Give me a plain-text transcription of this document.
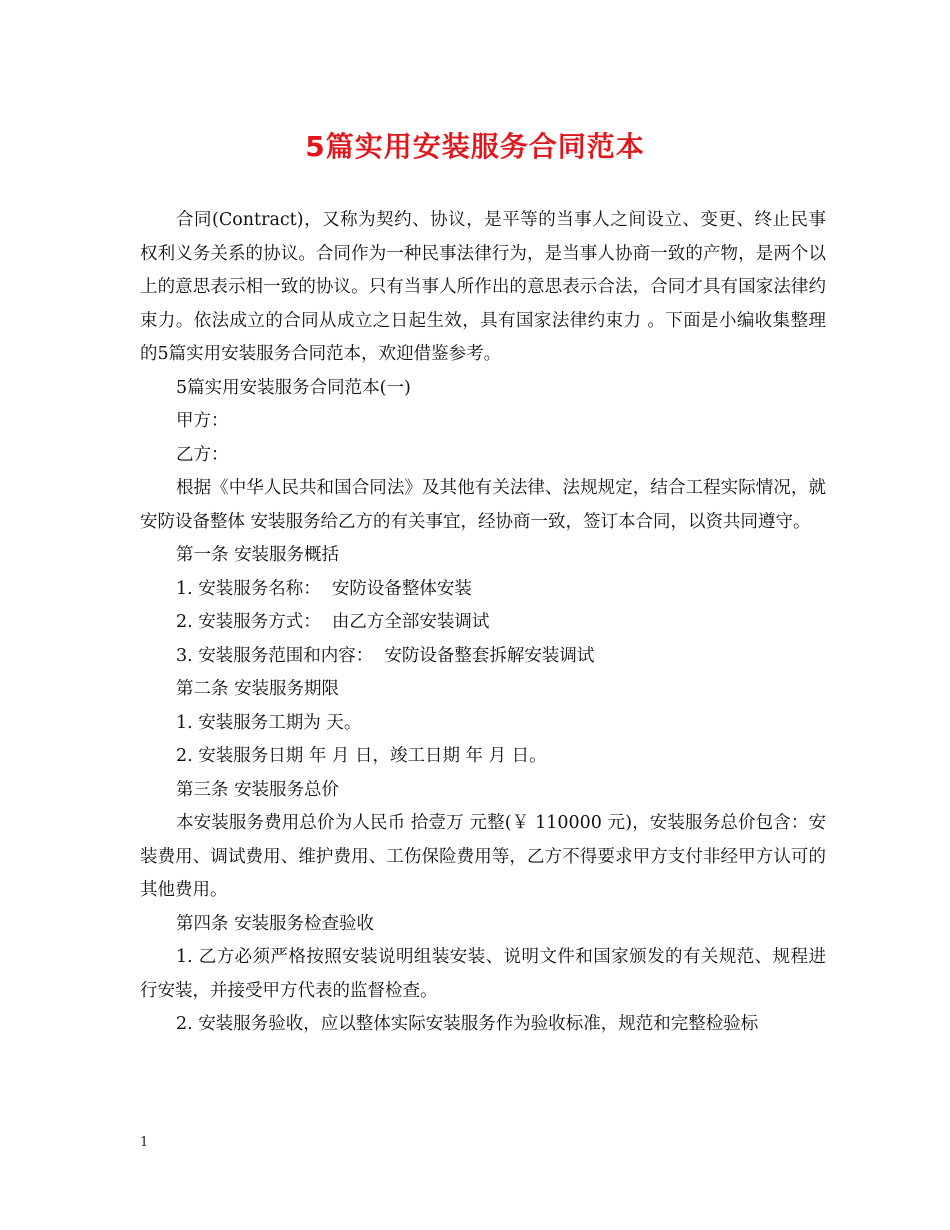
5篇实用安装服务合同范本

合同(Contract)，又称为契约、协议，是平等的当事人之间设立、变更、终止民事权利义务关系的协议。合同作为一种民事法律行为，是当事人协商一致的产物，是两个以上的意思表示相一致的协议。只有当事人所作出的意思表示合法，合同才具有国家法律约束力。依法成立的合同从成立之日起生效，具有国家法律约束力 。下面是小编收集整理的5篇实用安装服务合同范本，欢迎借鉴参考。

5篇实用安装服务合同范本(一)

甲方：

乙方：

根据《中华人民共和国合同法》及其他有关法律、法规规定，结合工程实际情况，就 安防设备整体 安装服务给乙方的有关事宜，经协商一致，签订本合同，以资共同遵守。

第一条 安装服务概括

1. 安装服务名称：  安防设备整体安装

2. 安装服务方式：  由乙方全部安装调试

3. 安装服务范围和内容：  安防设备整套拆解安装调试

第二条 安装服务期限

1. 安装服务工期为 天。

2. 安装服务日期 年 月 日，竣工日期 年 月 日。

第三条 安装服务总价

本安装服务费用总价为人民币 拾壹万 元整(￥ 110000 元)，安装服务总价包含：安装费用、调试费用、维护费用、工伤保险费用等，乙方不得要求甲方支付非经甲方认可的其他费用。

第四条 安装服务检查验收

1. 乙方必须严格按照安装说明组装安装、说明文件和国家颁发的有关规范、规程进行安装，并接受甲方代表的监督检查。

2. 安装服务验收，应以整体实际安装服务作为验收标准，规范和完整检验标

1
